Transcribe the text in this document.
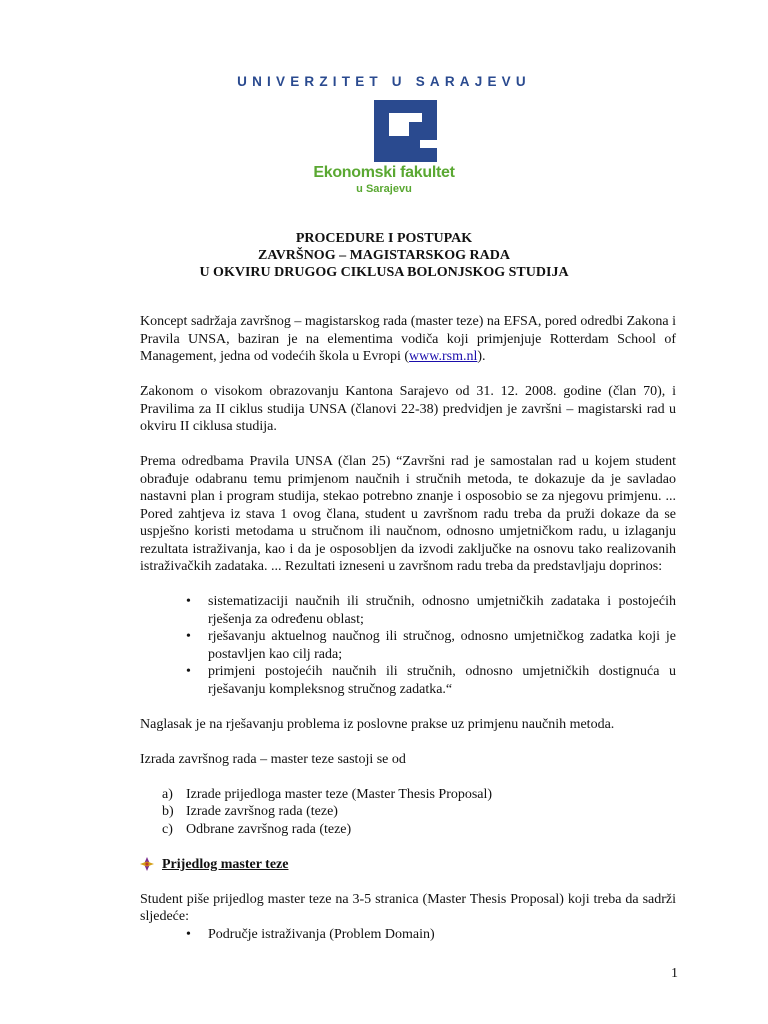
UNIVERZITET U SARAJEVU
Ekonomski fakultet
u Sarajevu
PROCEDURE I POSTUPAK
ZAVRŠNOG – MAGISTARSKOG RADA
U OKVIRU DRUGOG CIKLUSA BOLONJSKOG STUDIJA

Koncept sadržaja završnog – magistarskog rada (master teze) na EFSA, pored odredbi Zakona i Pravila UNSA, baziran je na elementima vodiča koji primjenjuje Rotterdam School of Management, jedna od vodećih škola u Evropi (www.rsm.nl).

Zakonom o visokom obrazovanju Kantona Sarajevo od 31. 12. 2008. godine (član 70), i Pravilima za II ciklus studija UNSA (članovi 22-38) predvidjen je završni – magistarski rad u okviru II ciklusa studija.

Prema odredbama Pravila UNSA (član 25) “Završni rad je samostalan rad u kojem student obrađuje odabranu temu primjenom naučnih i stručnih metoda, te dokazuje da je savladao nastavni plan i program studija, stekao potrebno znanje i osposobio se za njegovu primjenu. ... Pored zahtjeva iz stava 1 ovog člana, student u završnom radu treba da pruži dokaze da se uspješno koristi metodama u stručnom ili naučnom, odnosno umjetničkom radu, u izlaganju rezultata istraživanja, kao i da je osposobljen da izvodi zaključke na osnovu tako realizovanih istraživačkih zadataka. ... Rezultati izneseni u završnom radu treba da predstavljaju doprinos:

• sistematizaciji naučnih ili stručnih, odnosno umjetničkih zadataka i postojećih rješenja za određenu oblast;
• rješavanju aktuelnog naučnog ili stručnog, odnosno umjetničkog zadatka koji je postavljen kao cilj rada;
• primjeni postojećih naučnih ili stručnih, odnosno umjetničkih dostignuća u rješavanju kompleksnog stručnog zadatka.“

Naglasak je na rješavanju problema iz poslovne prakse uz primjenu naučnih metoda.

Izrada završnog rada – master teze sastoji se od

a) Izrade prijedloga master teze (Master Thesis Proposal)
b) Izrade završnog rada (teze)
c) Odbrane završnog rada (teze)
Prijedlog master teze

Student piše prijedlog master teze na 3-5 stranica (Master Thesis Proposal) koji treba da sadrži sljedeće:

• Područje istraživanja (Problem Domain)
1
